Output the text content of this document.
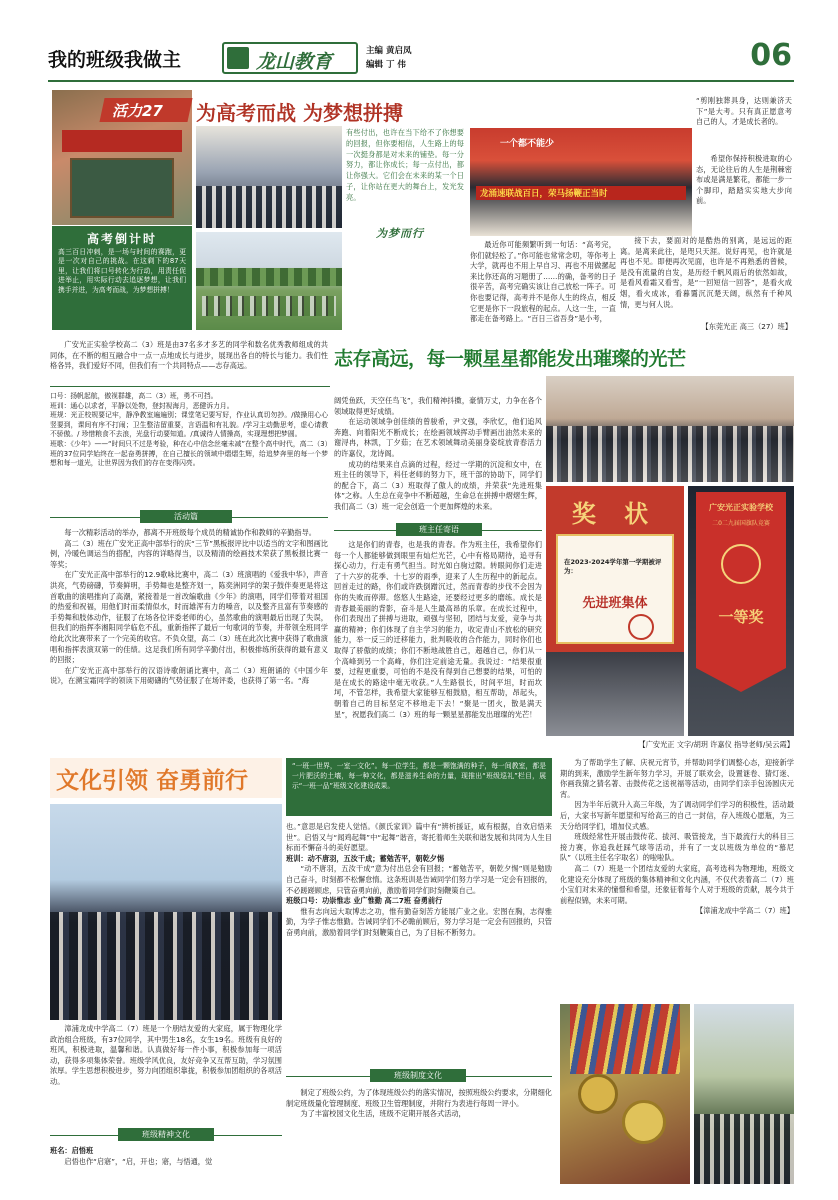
我的班级我做主	龙山教育	主编 黄启凤
编辑 丁 伟	06
高考倒计时
高三百日冲刺，是一场与时间的赛跑，更是一次对自己的挑战。在这剩下的87天里，让我们将口号转化为行动，用责任促进举止，用实际行动去追逐梦想，让我们携手并进，为高考而战，为梦想拼搏！
活力27 为高考而战 为梦想拼搏
有些付出，也许在当下给不了你想要的回报，但你要相信，人生路上的每一次挺身都是对未来的铺垫。每一分努力，都让你成长；每一点付出，都让你强大。它们会在未来的某一个日子，让你站在更大的舞台上，发光发亮。
为梦而行
一个都不能少
龙涌速联战百日，荣马扬鞭正当时
“剪刚独葬具身，达则兼济天下”是大考。只有真正愿意考自己的人，才是成长者的。

希望你保持积极进取的心态，无论往后的人生是荆棘密布或是满是繁花，都能一步一个脚印，踏踏实实地大步向前。

接下去，要面对的是酷热的别离，是远远的距离。是离来此往，是咫只天涯。说好再见，也许就是再也不见。即便再次见面，也许是不再熟悉的曾候，是没有流量的自发，是历经千帆风雨后的依然如故，是看风看霜又看雪，是“一回短信一回答”，是看火成烟，看火成冰，看暮霭沉沉楚天阔，纵然有千种风情，更与何人说。

最近你可能频繁听到一句话：“高考完，你们就轻松了。”你可能也常常念叨，等你考上大学，就再也不用上早自习、再也不用做摞起来比你还高的习题册了……的确，备考的日子很辛苦，高考完确实该让自己放松一阵子。可你也要记得，高考并不是你人生的终点，相反它更是你下一段旅程的起点。人这一生，一直都走在备考路上。“百日三省吾身”是小考，

【东莞光正 高三（27）班】

广安光正实验学校高二（3）班是由37名多才多艺的同学和数名优秀教师组成的共同体，在不断的相互融合中一点一点地成长与进步，展现出各自的特长与能力。我们性格各异，我们爱好不同，但我们有一个共同特点——志存高远。	志存高远，每一颗星星都能发出璀璨的光芒
口号：扬帆起航，傲视群雄，高二（3）班，勇不可挡。
班训：通心以求者，平静以处物，登封视海月，恶健诉力月。
班规：光正校规要记牢，静净教室遍遍别；课堂笔记要写好，作业认真切勿抄。/做操用心心竖要到，课间有序不打闹；卫生整洁留重要，言语温和有礼貌。/学习主动勤思考，虚心请教不骄傲。/ 珍惜粮食不去浪，光盘行动要知道。/真诚待人情操高，实现理想把梦圆。
班歌：《少年》——“时间只不过是考验，种在心中信念丝毫未减”在整个高中时代，高二（3）班的37位同学始终在一起奋勇拼搏，在自己擅长的领域中熠熠生辉，给追梦奔里的每一个梦想和每一道光，让世界因为我们的存在变得闪亮。
活动篇

每一次精彩活动的举办，都离不开班级每个成员的精诚协作和教师的辛勤指导。

高二（3）班在广安光正高中部举行的庆“三节”黑板报评比中以适当的文字和图画比例，冷暖色调运当的搭配，内容的详略得当，以及精清的绘画技术荣获了黑板报比赛一等奖；

在广安光正高中部举行的12.9歌咏比赛中，高二（3）班演唱的《爱我中华》，声音洪亮，气势磅礴，节奏鲜明，手势舞也是整齐划一，陈奕洲同学的架子鼓伴奏更是将这首歌曲的演唱推向了高潮，紧接着是一首改编歌曲《少年》的演唱，同学们带着对祖国的热爱和祝福，用他们时而柔情似水，时而雄浑有力的嗓音，以及整齐且富有节奏感的手势舞和肢体动作，征服了在场各位评委老师的心，虽然歌曲的演唱最后出现了失误，但我们的指挥李湘阳同学临危不乱，重新指挥了最后一句歌词的节奏，并带领全班同学给此次比赛带来了一个完美的收官。不负众望，高二（3）班在此次比赛中获得了歌曲演唱和指挥表演双第一的佳绩。这足我们所有同学辛勤付出，积极排练所获得的最有意义的回报；

在广安光正高中部举行的汉语诗歌朗诵比赛中，高二（3）班朗诵的《中国少年说》，在溯宝霜同学的领读下用砌礴的气势征服了在场评委，也获得了第一名。“海

阔凭鱼跃，天空任鸟飞”，我们精神抖擞，豪情万丈，力争在各个领域取得更好成绩。

在运动领域争创佳绩的曾骏希，尹文强，李欣忆，他们追风奔跑、向着阳光不断成长；在绘画领域挥动手臂画出油然未来的谢浔冉，林凯，丁夕茹；在艺术领域舞动美丽身姿绽放青春活力的许嘉仪，龙诗阁。

成功的结果来自点滴的过程，经过一学期的沉淀和女中，在班主任的领导下，科任老师的努力下，班干部的协助下，同学们的配合下，高二（3）班取得了傲人的成绩，并荣获“先进班集体”之称。人生总在竞争中不断超越，生命总在拼搏中熠熠生辉，我们高二（3）班一定会创造一个更加辉煌的未来。

班主任寄语

这是你们的青春，也是我的青春。作为班主任，我希望你们每一个人都能够做到眼里有灿烂光芒，心中有格局期待，追寻有探心动力，行走有勇气担当。时光如白驹过隙。转眼间你们走进了十六岁的花季、十七岁的雨季，迎来了人生历程中的新起点。回首走过的路，你们或许跌倒蹭沉过，然而青春的步伐不会因为你的失败而停滞。悠悠人生路途，还要经过更多的磨练。成长是青春最美丽的背影，奋斗是人生最高昂的乐章。在成长过程中，你们表现出了拼搏与进取，顽强与坚韧，团结与友爱，竞争与共赢的精神；你们体现了自主学习的能力，收定青山不放松的研究能力，举一反三的迁移能力，批判吸收的合作能力，同时你们也取得了骄傲的成绩；你们不断地战胜自己，超越自己，你们从一个高峰到另一个高峰，你们注定前途无量。我说过：“结果很重要，过程更重要，可怕的不是没有得到自己想要的结果，可怕的是在成长的路途中毫无收获。”人生路很长，时间平坦，时而坎坷，不管怎样，我希望大家能够互相鼓励，相互帮助，昂起头，朝着自己的目标坚定不移地走下去！“聚是一团火，散是满天星”，祝愿我们高二（3）班的每一颗星星都能发出璀璨的光芒！

【广安光正 文字/胡玥 许嘉仪 指导老师/吴云霞】
奖 状
在2023-2024学年第一学期被评为：
先进班集体
广安光正实验学校
二0二九届国旗队竞赛
一等奖
文化引领 奋勇前行
“一班一世界，一室一文化”。每一位学生，都是一颗饱满的种子，每一间教室，都是一片肥沃的土壤，每一种文化，都是滋养生命的力量，现推出“班级巡礼”栏目，展示“一班一品”班级文化建设成果。

漳浦龙成中学高二（7）班是一个朋结友爱的大家庭，属于物理化学政治组合班级，有37位同学，其中男生18名，女生19名。班级有良好的班风，积极进取，温馨和谐。认真做好每一件小事，积极参加每一项活动，获得多项集体荣誉。班级学风优良，友好竞争又互帮互助，学习氛围浓厚。学生思想积极进步，努力向团组织靠拢，积极参加团组织的各项活动。

班级精神文化
班名：启悟班

启悟也作“启寤”，“启，开也；寤，与悟通，觉

也。”意思是启发使人觉悟。《颜氏家训》篇中有“辨析援证，咸有根据，自欢启悟来世”。启悟又与“闻鸡起舞”中“起舞”谐音，寄托着师生关联和谐发展和共同为人生目标而不懈奋斗的美好愿望。
班训：动不唐羽，五汝干成；蓄勉苦平，朝乾夕惕

“动不唐羽，五汝干成”意为付出总会有回报；“蓄勉苦平，朝乾夕惕”则是勉励自己奋斗，时刻都不松懈怠惰。这条班训是告诫同学们努力学习是一定会有回报的，不必蹉蹉顾虑，只管奋勇向前，激励着同学们时刻鞭策自己。

班级口号：功崇惟志 业广惟勤 高二7班 奋勇前行

惟有志向远大取博志之功，惟有勤奋刻苦方能展广业之业。宏图在胸，志得雅勤，为学子惟志惟勤。告诫同学们不必瞻前顾后，努力学习是一定会有回报的，只管奋勇向前，激励着同学们时刻鞭策自己，为了目标不断努力。

班级制度文化

制定了班级公约，为了体现班级公约的落实情况，按照班级公约要求，分期细化制定班级量化管理制度、班级卫生管理制度，并附行为表进行每周一评小。

为了丰富校园文化生活，班级不定期开展各式活动，

为了帮助学生了解、庆祝元宵节，并帮助同学们调整心态，迎接新学期的到来，激励学生新年努力学习，开展了联欢会，设置谜卷、猜灯迷、你画我猜之猜名著、击鼓传花之送祝福等活动，由同学们亲手包汤圆庆元宵。

因为半年后就升入高三年级，为了调动同学们学习的积极性，活动最后，大家书写新年愿望和写给高三的自己一封信，存入班级心愿瓶，为三天分给同学们，增加仪式感。

班级经常性开展击鼓传花、拔河、吸管接龙，当下最流行大的科目三接力赛，你追我赶踩气球等活动，并有了一支以班级为单位的“慕尼队”（以班主任名字取名）的啦啦队。

高二（7）班是一个团结友爱的大家庭，高考选科为物理地，班级文化建设充分体现了班级的集体精神和文化内涵，不仅代表着高二（7）班小宝们对未来的憧憬和希望，还象征着每个人对于班级的贡献，展今共于前程似锦，未来可期。

【漳浦龙成中学高二（7）班】
